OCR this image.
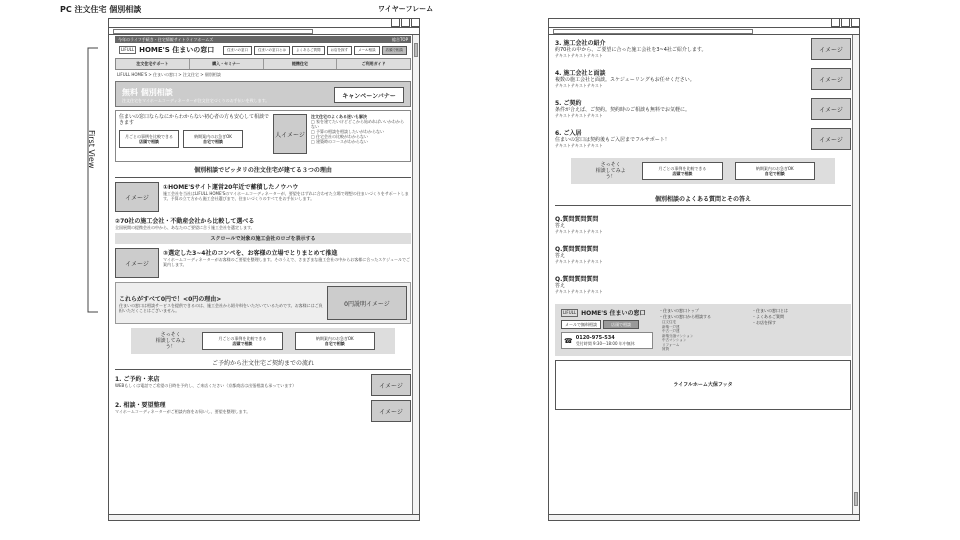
PC 注文住宅 個別相談	ワイヤーフレーム
First View
今年のライフ手続き・住宅情報サイトライフホームズ	総合TOP
LIFULL HOME'S 住まいの窓口	住まいの窓口	住まいの窓口とは	よくあるご質問	お店を探す	メール相談	店頭で相談
注文住宅サポート	購入・セミナー	提携住宅	ご利用ガイド
LIFULL HOME'S > 住まいの窓口 > 注文住宅 > 個別相談
無料 個別相談
注文住宅をマイホームコーディネーターが注文住宅づくりのお手伝いを致します。
キャンペーンバナー
住まいの窓口ならなにからわからない初心者の方も安心して相談できます
月ごとの事例を比較できる
店頭で相談
納期案内のお急ぎOK
自宅で相談
人イメージ
注文住宅のよくある迷いも解決
□ 家を建てたいけどどこから始めればいいかわからない
□ 予算の相談を相談したいがわからない
□ 住宅会社の比較がわからない
□ 建築時のコースがわからない
個別相談でピッタリの注文住宅が建てる３つの理由
イメージ
①HOME'Sサイト運営20年近で蓄積したノウハウ
施工会社を当社はLIFULL HOME'Sのマイホームコーディネーターが、要望をはずれに合わせた立場で理想の住まいづくりをサポートします。予算の立て方から施工会社選びまで、住まいづくりのすべてをお手伝いします。
②70社の施工会社・不動産会社から比較して選べる
全国展開の提携会社の中から、あなたのご要望に合う施工会社を選定します。
スクロールで対象の施工会社のロゴを表示する
イメージ
③選定した3~4社のコンペを、お客様の立場でとりまとめて推進
マイホームコーディネーターがお客様のご要望を整理します。そのうえで、さまざまな施工会社の中からお客様に合ったスケジュールでご案内します。
これらがすべて0円で！<0円の理由>
住まいの窓口は相談サービスを提供できるのは、施工会社から紹介料をいただいているためです。お客様にはご負担いただくことはございません。
0円説明イメージ
さっそく
相談してみよう！
月ごとの事例を比較できる
店頭で相談
納期案内のお急ぎOK
自宅で相談
ご予約から注文住宅ご契約までの流れ
1. ご予約・来店
WEBもしくは電話でご希望の日時を予約し、ご来店ください（京都商店は出張相談も承っています）	イメージ
2. 相談・要望整理
マイホームコーディネーターがご相談内容をお伺いし、要望を整理します。	イメージ
3. 施工会社の紹介
約70社の中から、ご要望に合った施工会社を3~4社ご紹介します。
テキストテキストテキスト
イメージ
4. 施工会社と面談
複数の施工会社と面談。スケジューリングもお任せください。
テキストテキストテキスト
イメージ
5. ご契約
条件が合えば、ご契約。契約時のご相談も無料でお気軽に。
テキストテキストテキスト
イメージ
6. ご入居
住まいの窓口は契約後もご入居までフルサポート！
テキストテキストテキスト
イメージ
さっそく
相談してみよう！
月ごとの事例を比較できる
店頭で相談
納期案内のお急ぎOK
自宅で相談
個別相談のよくある質問とその答え
Q.質問質問質問
答え
テキストテキストテキスト
Q.質問質問質問
答え
テキストテキストテキスト
Q.質問質問質問
答え
テキストテキストテキスト
LIFULL HOME'S 住まいの窓口
メールで無料相談	店頭で相談
☎ 0120-975-534
受付時間 9:30～18:00 年中無休
・住まいの窓口トップ
・住まいの窓口から相談する
注文住宅
新築一戸建
中古一戸建
新築分譲マンション
中古マンション
リフォーム
賃貸
・住まいの窓口とは
・よくあるご質問
・お店を探す
ライフルホーム大保フッタ
